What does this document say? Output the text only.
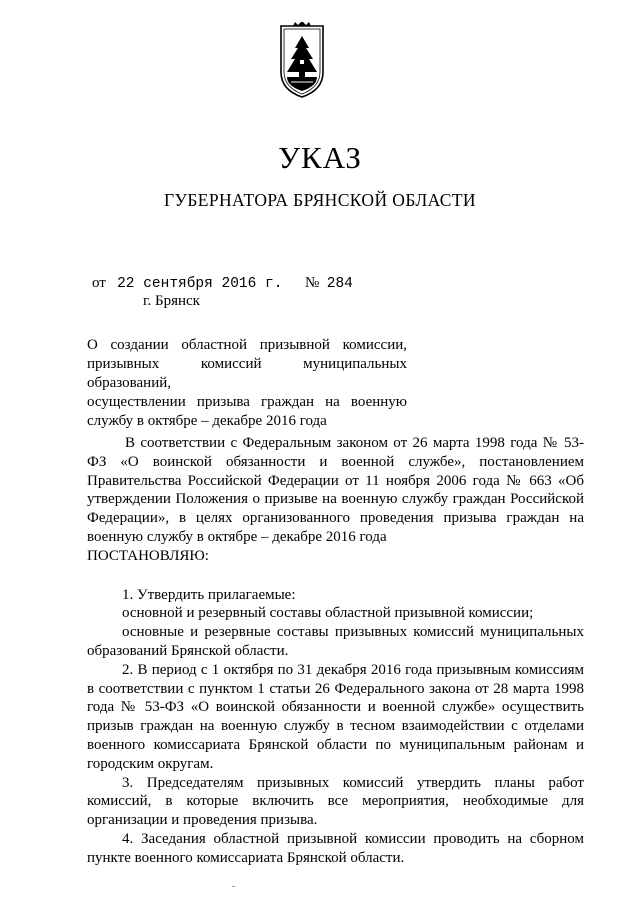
УКАЗ
ГУБЕРНАТОРА БРЯНСКОЙ ОБЛАСТИ
от 22 сентября 2016 г. № 284
г. Брянск
О создании областной призывной комиссии,
призывных комиссий муниципальных образований,
осуществлении призыва граждан на военную
службу в октябре – декабре 2016 года

В соответствии с Федеральным законом от 26 марта 1998 года № 53-ФЗ «О воинской обязанности и военной службе», постановлением Правительства Российской Федерации от 11 ноября 2006 года № 663 «Об утверждении Положения о призыве на военную службу граждан Российской Федерации», в целях организованного проведения призыва граждан на военную службу в октябре – декабре 2016 года

ПОСТАНОВЛЯЮ:

1. Утвердить прилагаемые:

основной и резервный составы областной призывной комиссии;

основные и резервные составы призывных комиссий муниципальных образований Брянской области.

2. В период с 1 октября по 31 декабря 2016 года призывным комиссиям в соответствии с пунктом 1 статьи 26 Федерального закона от 28 марта 1998 года № 53-ФЗ «О воинской обязанности и военной службе» осуществить призыв граждан на военную службу в тесном взаимодействии с отделами военного комиссариата Брянской области по муниципальным районам и городским округам.

3. Председателям призывных комиссий утвердить планы работ комиссий, в которые включить все мероприятия, необходимые для организации и проведения призыва.

4. Заседания областной призывной комиссии проводить на сборном пункте военного комиссариата Брянской области.
